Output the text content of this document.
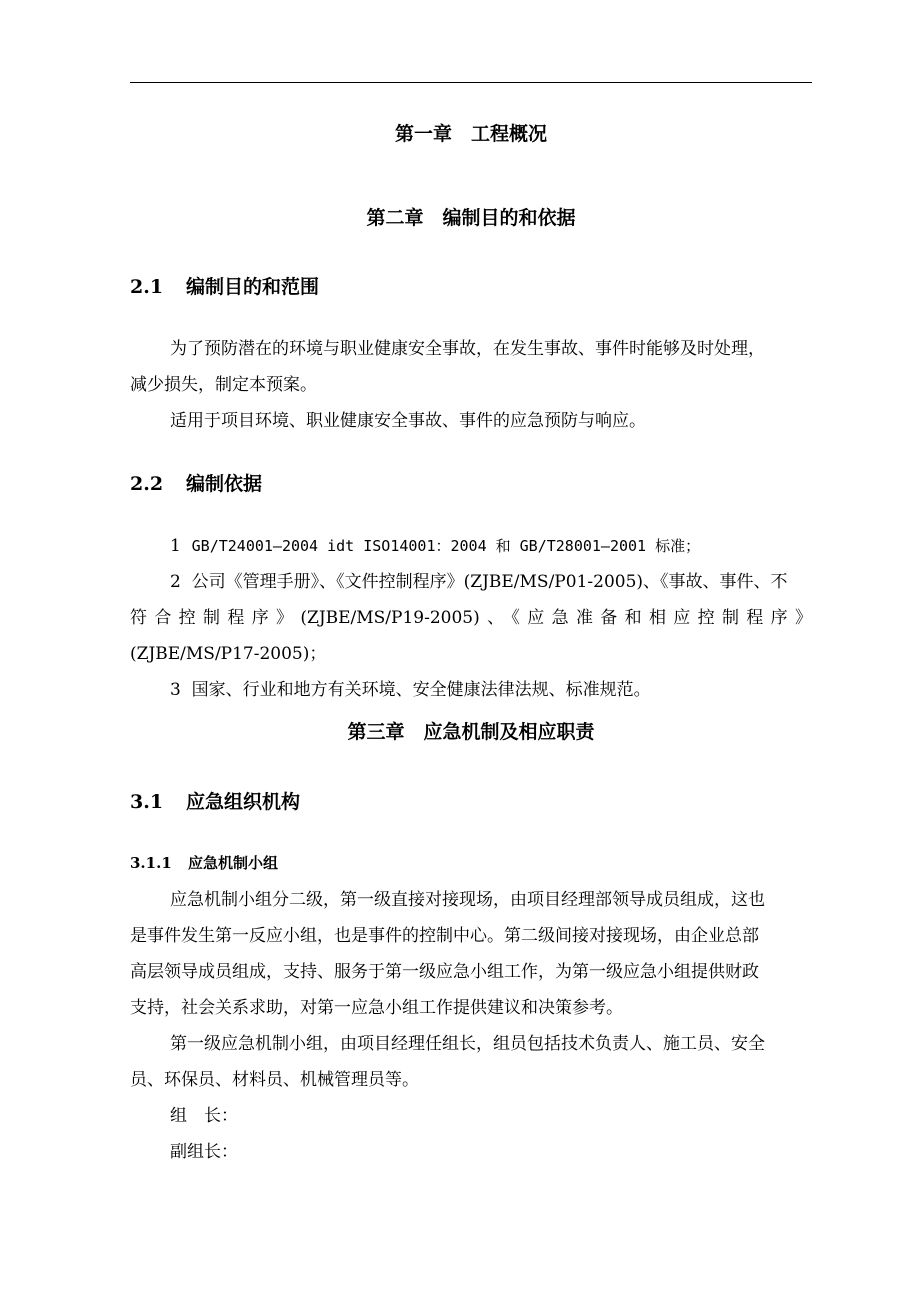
第一章　工程概况
第二章　编制目的和依据
2.1 编制目的和范围

为了预防潜在的环境与职业健康安全事故，在发生事故、事件时能够及时处理，

减少损失，制定本预案。

适用于项目环境、职业健康安全事故、事件的应急预防与响应。

2.2 编制依据

1 GB/T24001—2004 idt ISO14001：2004 和 GB/T28001—2001 标准；

2 公司《管理手册》、《文件控制程序》(ZJBE/MS/P01-2005)、《事故、事件、不

符合控制程序》(ZJBE/MS/P19-2005)、《应急准备和相应控制程序》

(ZJBE/MS/P17-2005)；

3 国家、行业和地方有关环境、安全健康法律法规、标准规范。

第三章　应急机制及相应职责
3.1 应急组织机构
3.1.1 应急机制小组

应急机制小组分二级，第一级直接对接现场，由项目经理部领导成员组成，这也

是事件发生第一反应小组，也是事件的控制中心。第二级间接对接现场，由企业总部

高层领导成员组成，支持、服务于第一级应急小组工作，为第一级应急小组提供财政

支持，社会关系求助，对第一应急小组工作提供建议和决策参考。

第一级应急机制小组，由项目经理任组长，组员包括技术负责人、施工员、安全

员、环保员、材料员、机械管理员等。

组　长：

副组长：
